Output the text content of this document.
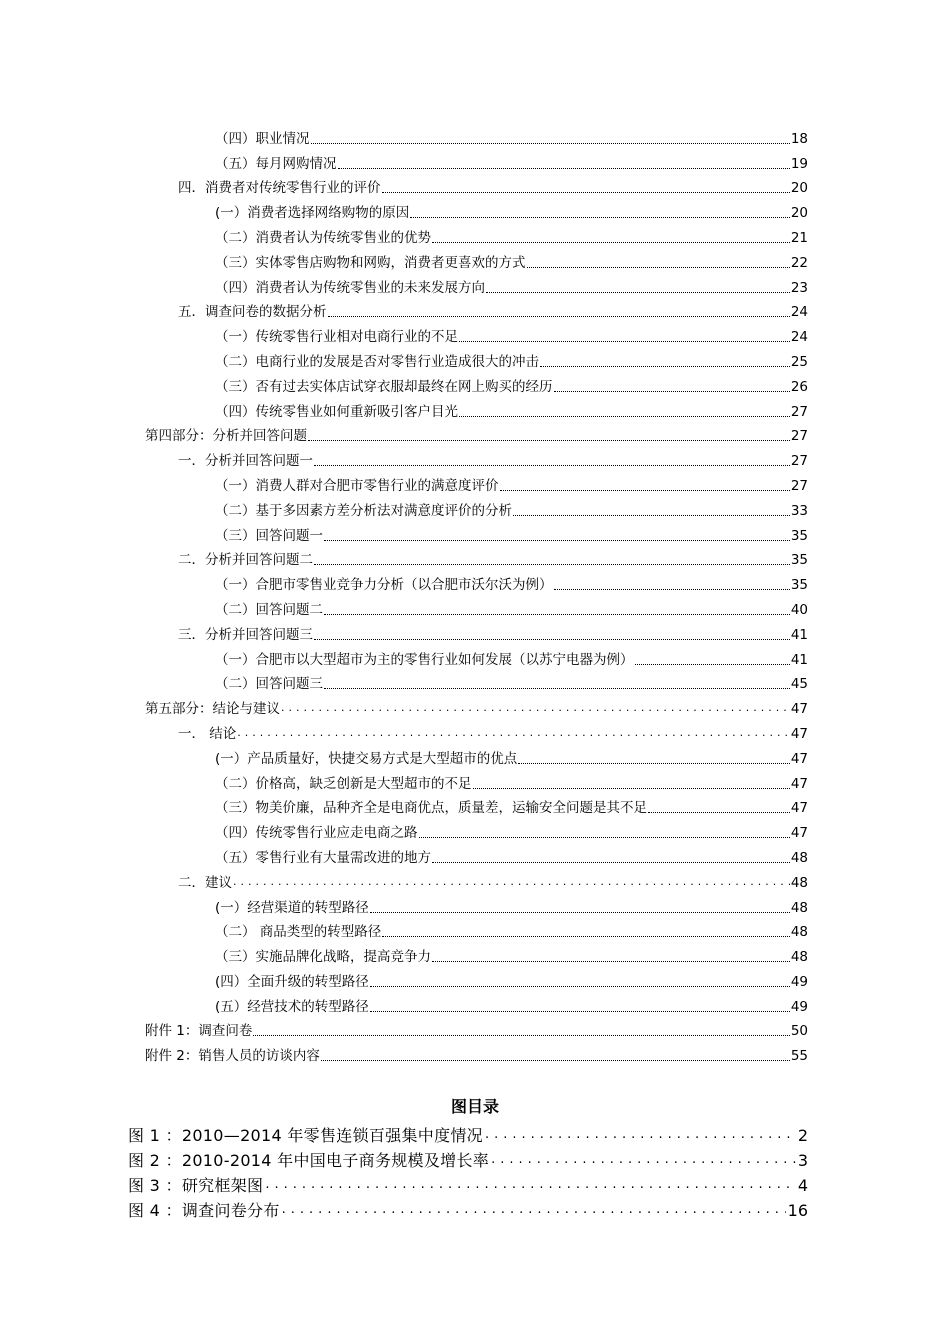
（四）职业情况	18
（五）每月网购情况	19
四．消费者对传统零售行业的评价	20
(一）消费者选择网络购物的原因	20
（二）消费者认为传统零售业的优势	21
（三）实体零售店购物和网购，消费者更喜欢的方式	22
（四）消费者认为传统零售业的未来发展方向	23
五．调查问卷的数据分析	24
（一）传统零售行业相对电商行业的不足	24
（二）电商行业的发展是否对零售行业造成很大的冲击	25
（三）否有过去实体店试穿衣服却最终在网上购买的经历	26
（四）传统零售业如何重新吸引客户目光	27
第四部分：分析并回答问题	27
一．分析并回答问题一	27
（一）消费人群对合肥市零售行业的满意度评价	27
（二）基于多因素方差分析法对满意度评价的分析	33
（三）回答问题一	35
二．分析并回答问题二	35
（一）合肥市零售业竞争力分析（以合肥市沃尔沃为例）	35
（二）回答问题二	40
三．分析并回答问题三	41
（一）合肥市以大型超市为主的零售行业如何发展（以苏宁电器为例）	41
（二）回答问题三	45
第五部分：结论与建议 .....	47
一． 结论 .....	47
(一）产品质量好，快捷交易方式是大型超市的优点	47
（二）价格高，缺乏创新是大型超市的不足	47
（三）物美价廉，品种齐全是电商优点，质量差，运输安全问题是其不足	47
（四）传统零售行业应走电商之路	47
（五）零售行业有大量需改进的地方	48
二．建议 .....	48
(一）经营渠道的转型路径	48
（二） 商品类型的转型路径	48
（三）实施品牌化战略，提高竞争力	48
(四）全面升级的转型路径	49
(五）经营技术的转型路径	49
附件 1：调查问卷	50
附件 2：销售人员的访谈内容	55
图目录
图 1 ：2010—2014 年零售连锁百强集中度情况 .....	2
图 2 ：2010-2014 年中国电子商务规模及增长率 .....	3
图 3 ：研究框架图 .....	4
图 4 ：调查问卷分布 .....	16
